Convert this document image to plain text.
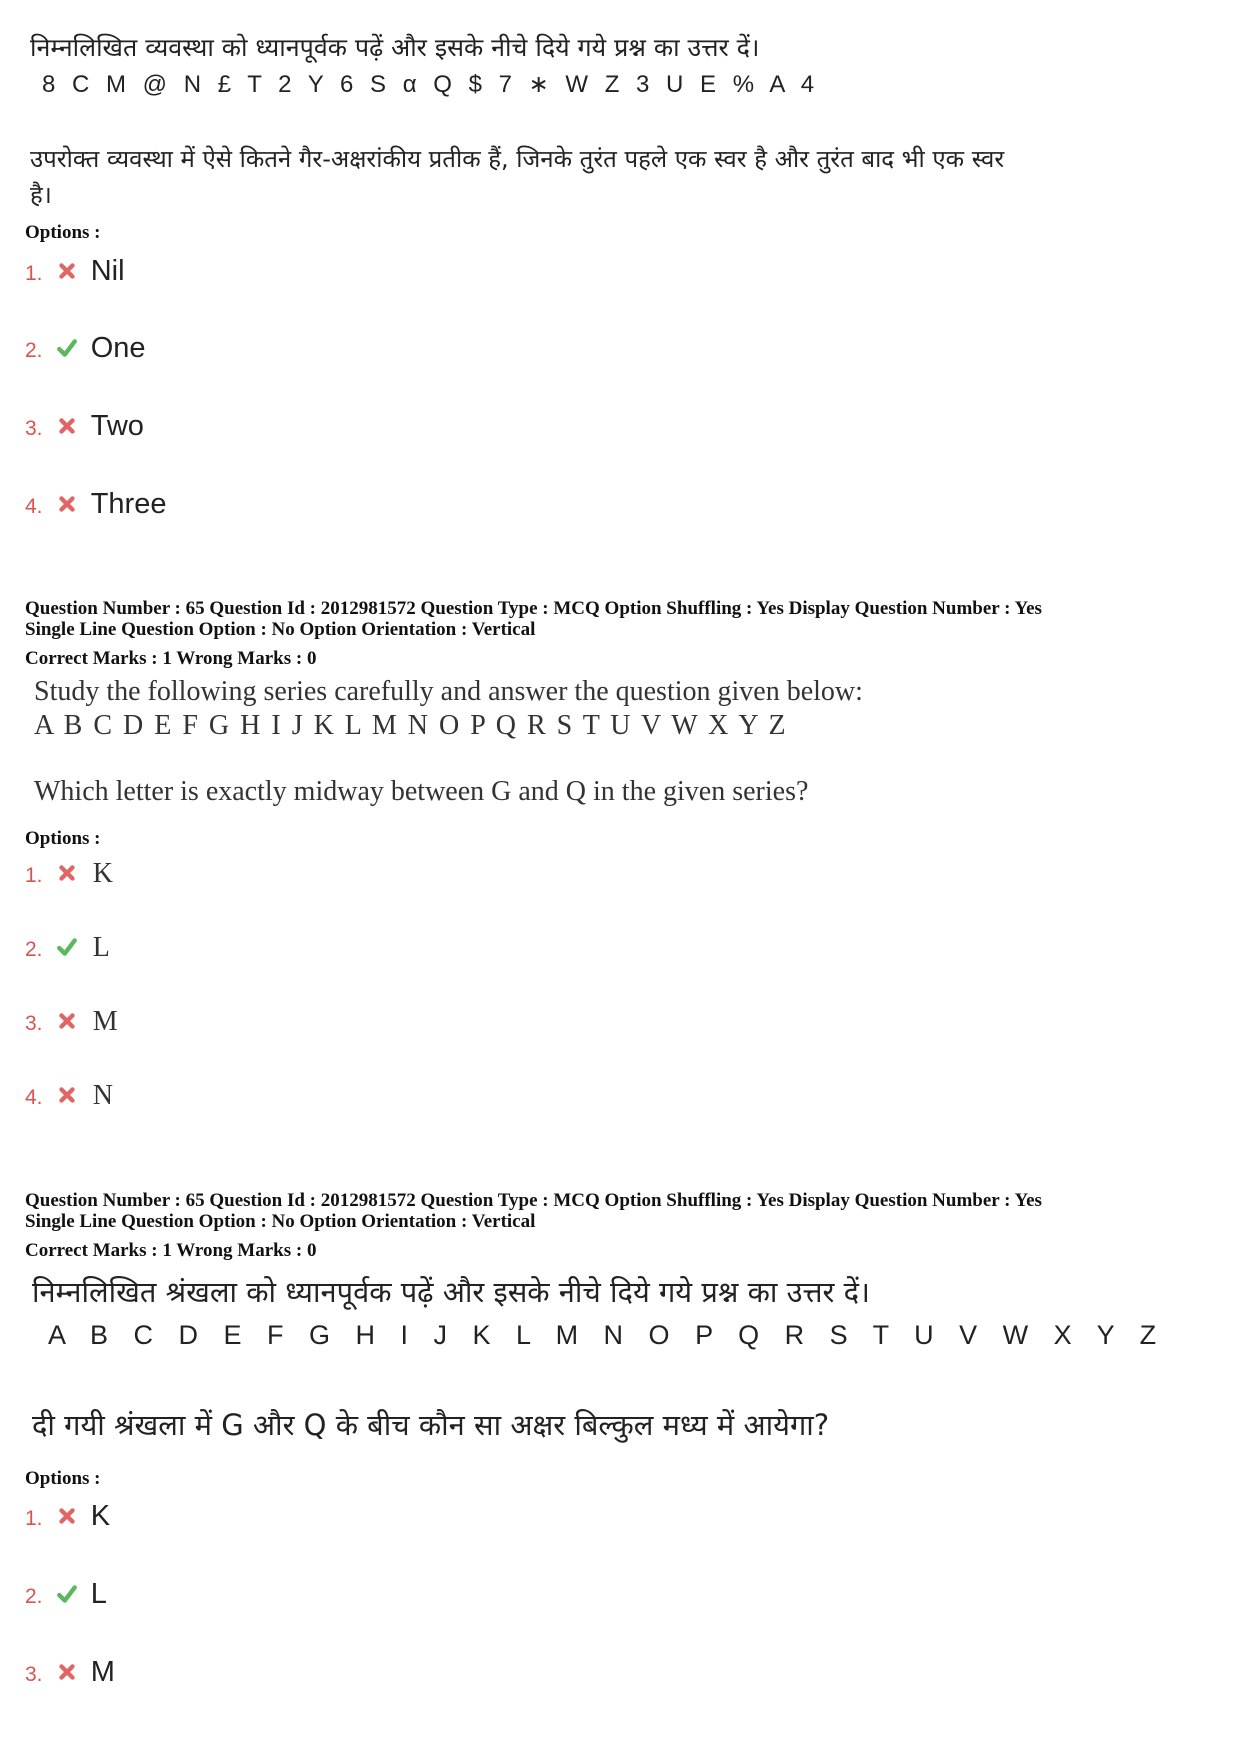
निम्नलिखित व्यवस्था को ध्यानपूर्वक पढ़ें और इसके नीचे दिये गये प्रश्न का उत्तर दें।
8 C M @ N £ T 2 Y 6 S α Q $ 7 ∗ W Z 3 U E % A 4
उपरोक्त व्यवस्था में ऐसे कितने गैर-अक्षरांकीय प्रतीक हैं, जिनके तुरंत पहले एक स्वर है और तुरंत बाद भी एक स्वर
है।
Options :
1. Nil
2. One
3. Two
4. Three
Question Number : 65 Question Id : 2012981572 Question Type : MCQ Option Shuffling : Yes Display Question Number : Yes
Single Line Question Option : No Option Orientation : Vertical
Correct Marks : 1 Wrong Marks : 0
Study the following series carefully and answer the question given below:
A B C D E F G H I J K L M N O P Q R S T U V W X Y Z
Which letter is exactly midway between G and Q in the given series?
Options :
1. K
2. L
3. M
4. N
Question Number : 65 Question Id : 2012981572 Question Type : MCQ Option Shuffling : Yes Display Question Number : Yes
Single Line Question Option : No Option Orientation : Vertical
Correct Marks : 1 Wrong Marks : 0
निम्नलिखित श्रंखला को ध्यानपूर्वक पढ़ें और इसके नीचे दिये गये प्रश्न का उत्तर दें।
A B C D E F G H I J K L M N O P Q R S T U V W X Y Z
दी गयी श्रंखला में G और Q के बीच कौन सा अक्षर बिल्कुल मध्य में आयेगा?
Options :
1. K
2. L
3. M
